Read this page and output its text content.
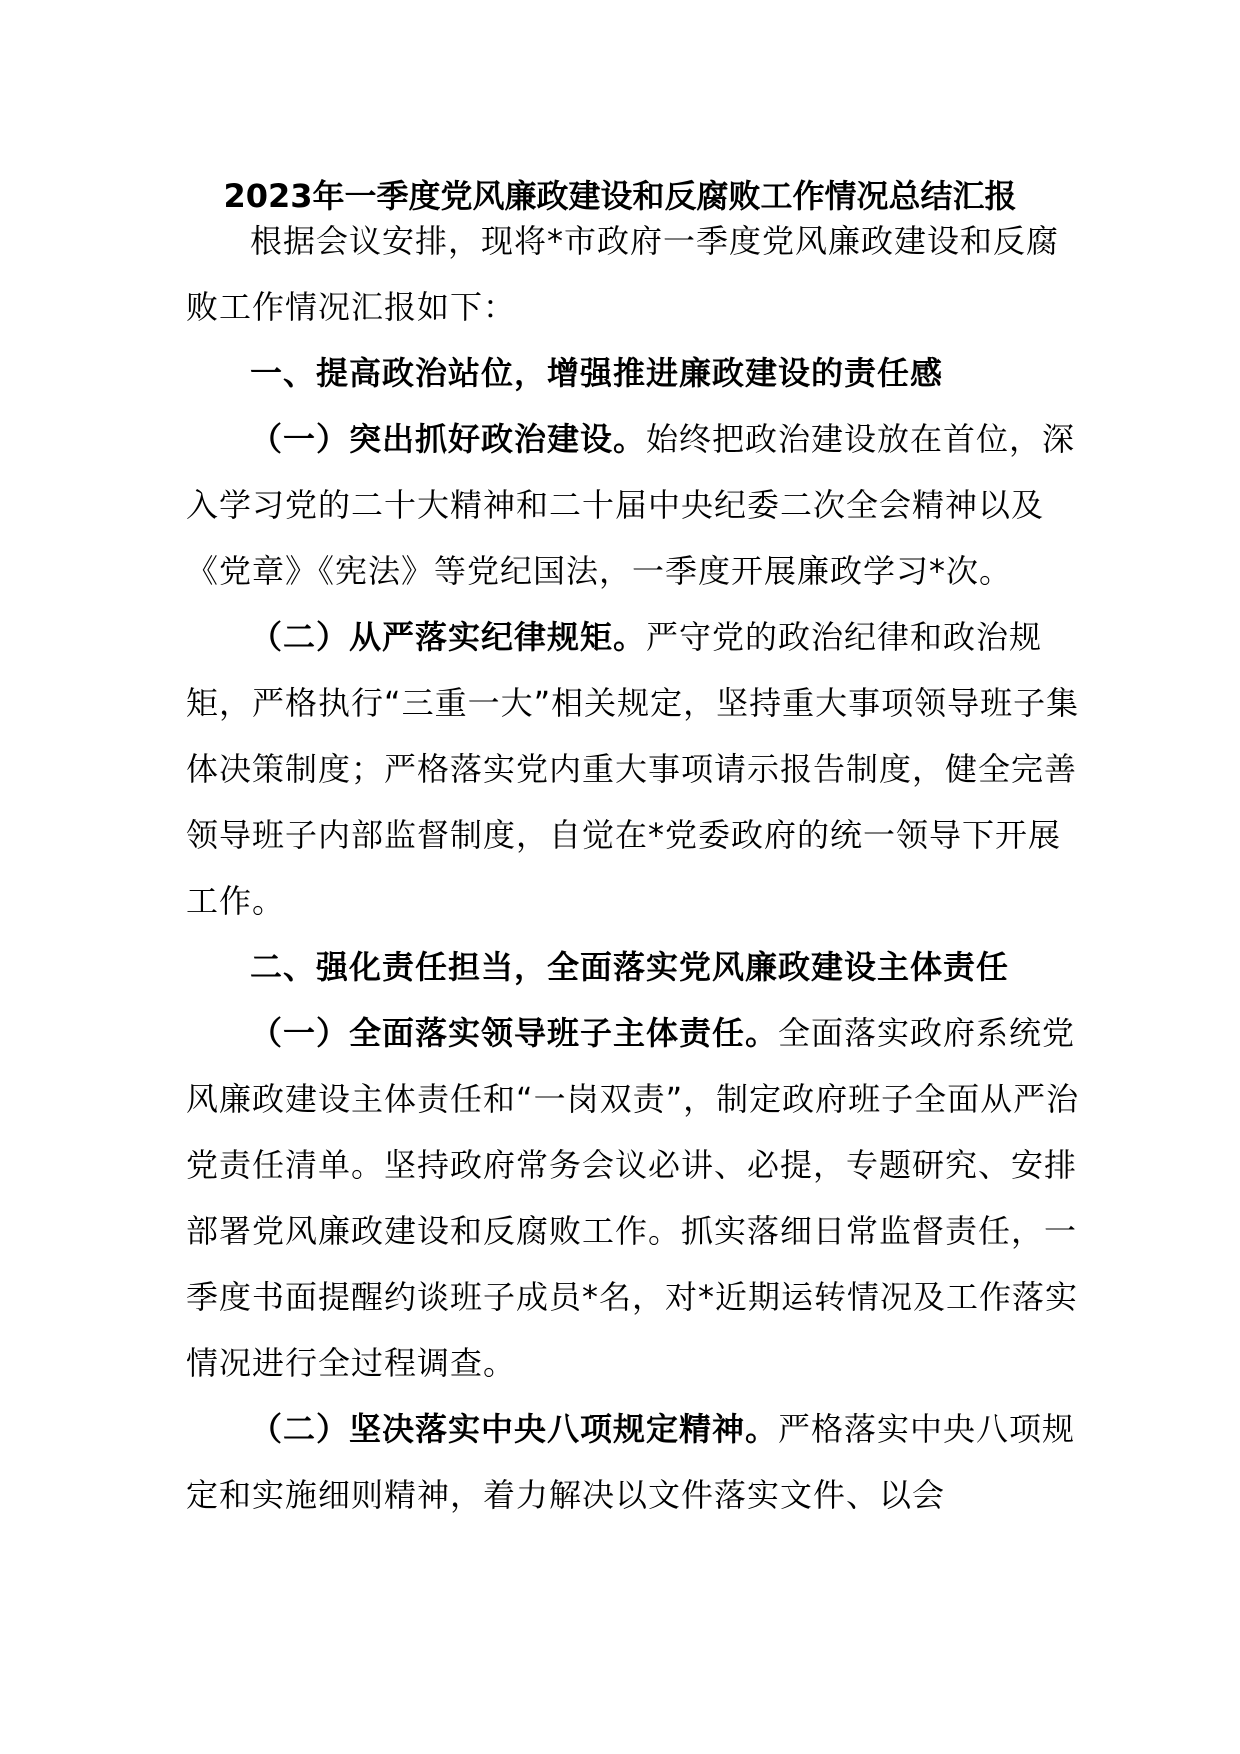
2023年一季度党风廉政建设和反腐败工作情况总结汇报

根据会议安排，现将*市政府一季度党风廉政建设和反腐败工作情况汇报如下：

一、提高政治站位，增强推进廉政建设的责任感

（一）突出抓好政治建设。始终把政治建设放在首位，深入学习党的二十大精神和二十届中央纪委二次全会精神以及《党章》《宪法》等党纪国法，一季度开展廉政学习*次。

（二）从严落实纪律规矩。严守党的政治纪律和政治规矩，严格执行“三重一大”相关规定，坚持重大事项领导班子集体决策制度；严格落实党内重大事项请示报告制度，健全完善领导班子内部监督制度，自觉在*党委政府的统一领导下开展工作。

二、强化责任担当，全面落实党风廉政建设主体责任

（一）全面落实领导班子主体责任。全面落实政府系统党风廉政建设主体责任和“一岗双责”，制定政府班子全面从严治党责任清单。坚持政府常务会议必讲、必提，专题研究、安排部署党风廉政建设和反腐败工作。抓实落细日常监督责任，一季度书面提醒约谈班子成员*名，对*近期运转情况及工作落实情况进行全过程调查。

（二）坚决落实中央八项规定精神。严格落实中央八项规定和实施细则精神，着力解决以文件落实文件、以会
